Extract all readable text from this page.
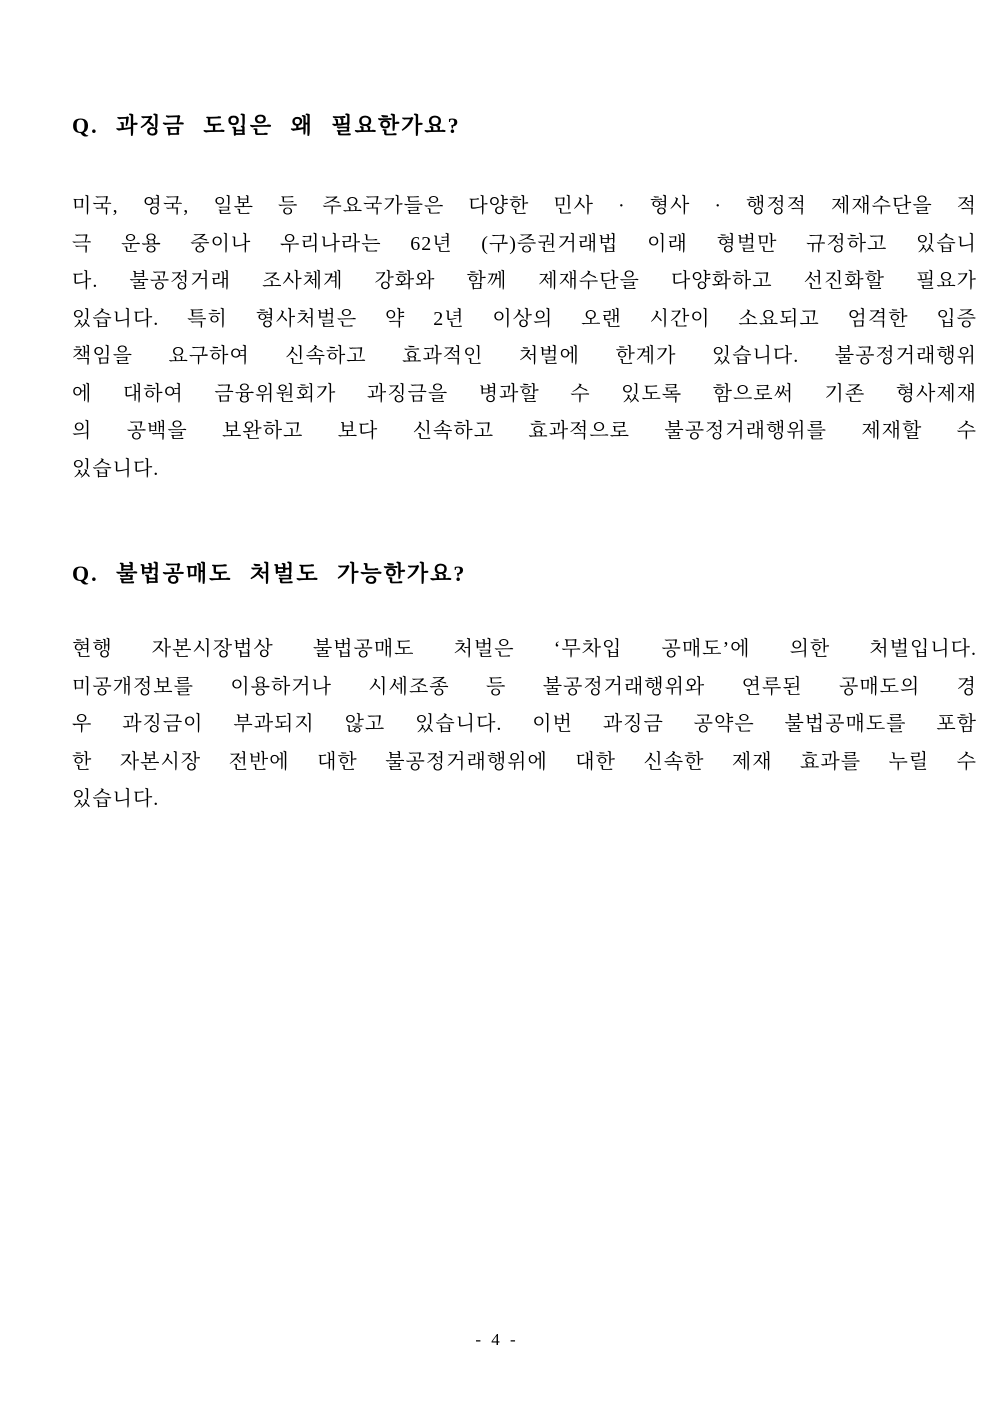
Q. 과징금 도입은 왜 필요한가요?
미국, 영국, 일본 등 주요국가들은 다양한 민사 · 형사 · 행정적 제재수단을 적
극 운용 중이나 우리나라는 62년 (구)증권거래법 이래 형벌만 규정하고 있습니
다. 불공정거래 조사체계 강화와 함께 제재수단을 다양화하고 선진화할 필요가
있습니다. 특히 형사처벌은 약 2년 이상의 오랜 시간이 소요되고 엄격한 입증
책임을 요구하여 신속하고 효과적인 처벌에 한계가 있습니다. 불공정거래행위
에 대하여 금융위원회가 과징금을 병과할 수 있도록 함으로써 기존 형사제재
의 공백을 보완하고 보다 신속하고 효과적으로 불공정거래행위를 제재할 수
있습니다.
Q. 불법공매도 처벌도 가능한가요?
현행 자본시장법상 불법공매도 처벌은 ‘무차입 공매도’에 의한 처벌입니다.
미공개정보를 이용하거나 시세조종 등 불공정거래행위와 연루된 공매도의 경
우 과징금이 부과되지 않고 있습니다. 이번 과징금 공약은 불법공매도를 포함
한 자본시장 전반에 대한 불공정거래행위에 대한 신속한 제재 효과를 누릴 수
있습니다.
- 4 -
